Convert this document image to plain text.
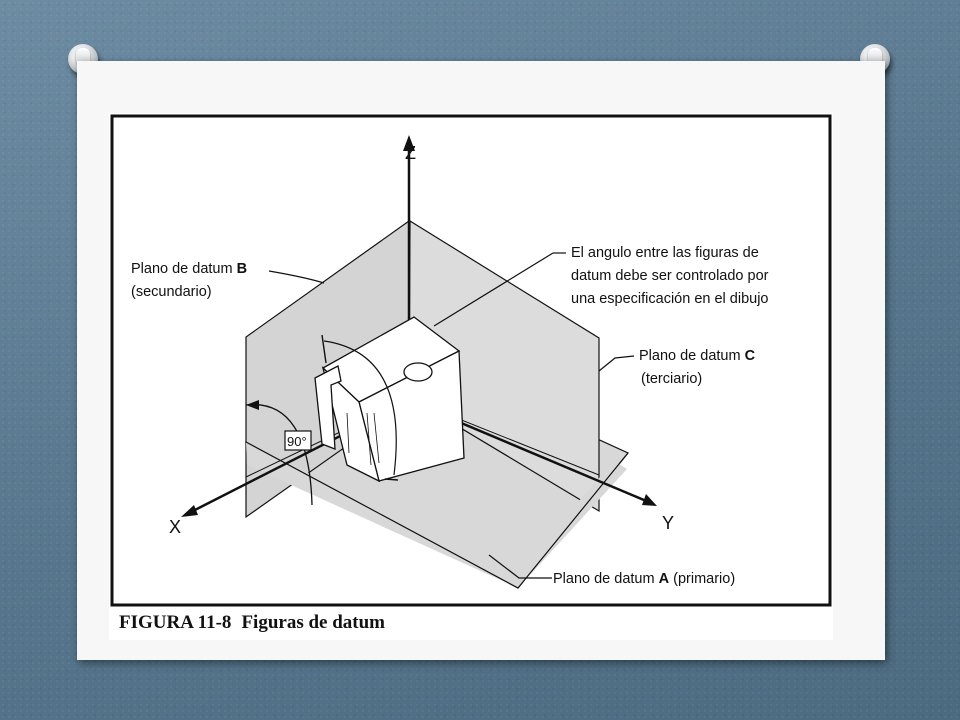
Z
X	Y
90°
Plano de datum B
(secundario)
Plano de datum C
(terciario)
Plano de datum A (primario)
El angulo entre las figuras de
datum debe ser controlado por
una especificación en el dibujo
FIGURA 11-8 Figuras de datum
